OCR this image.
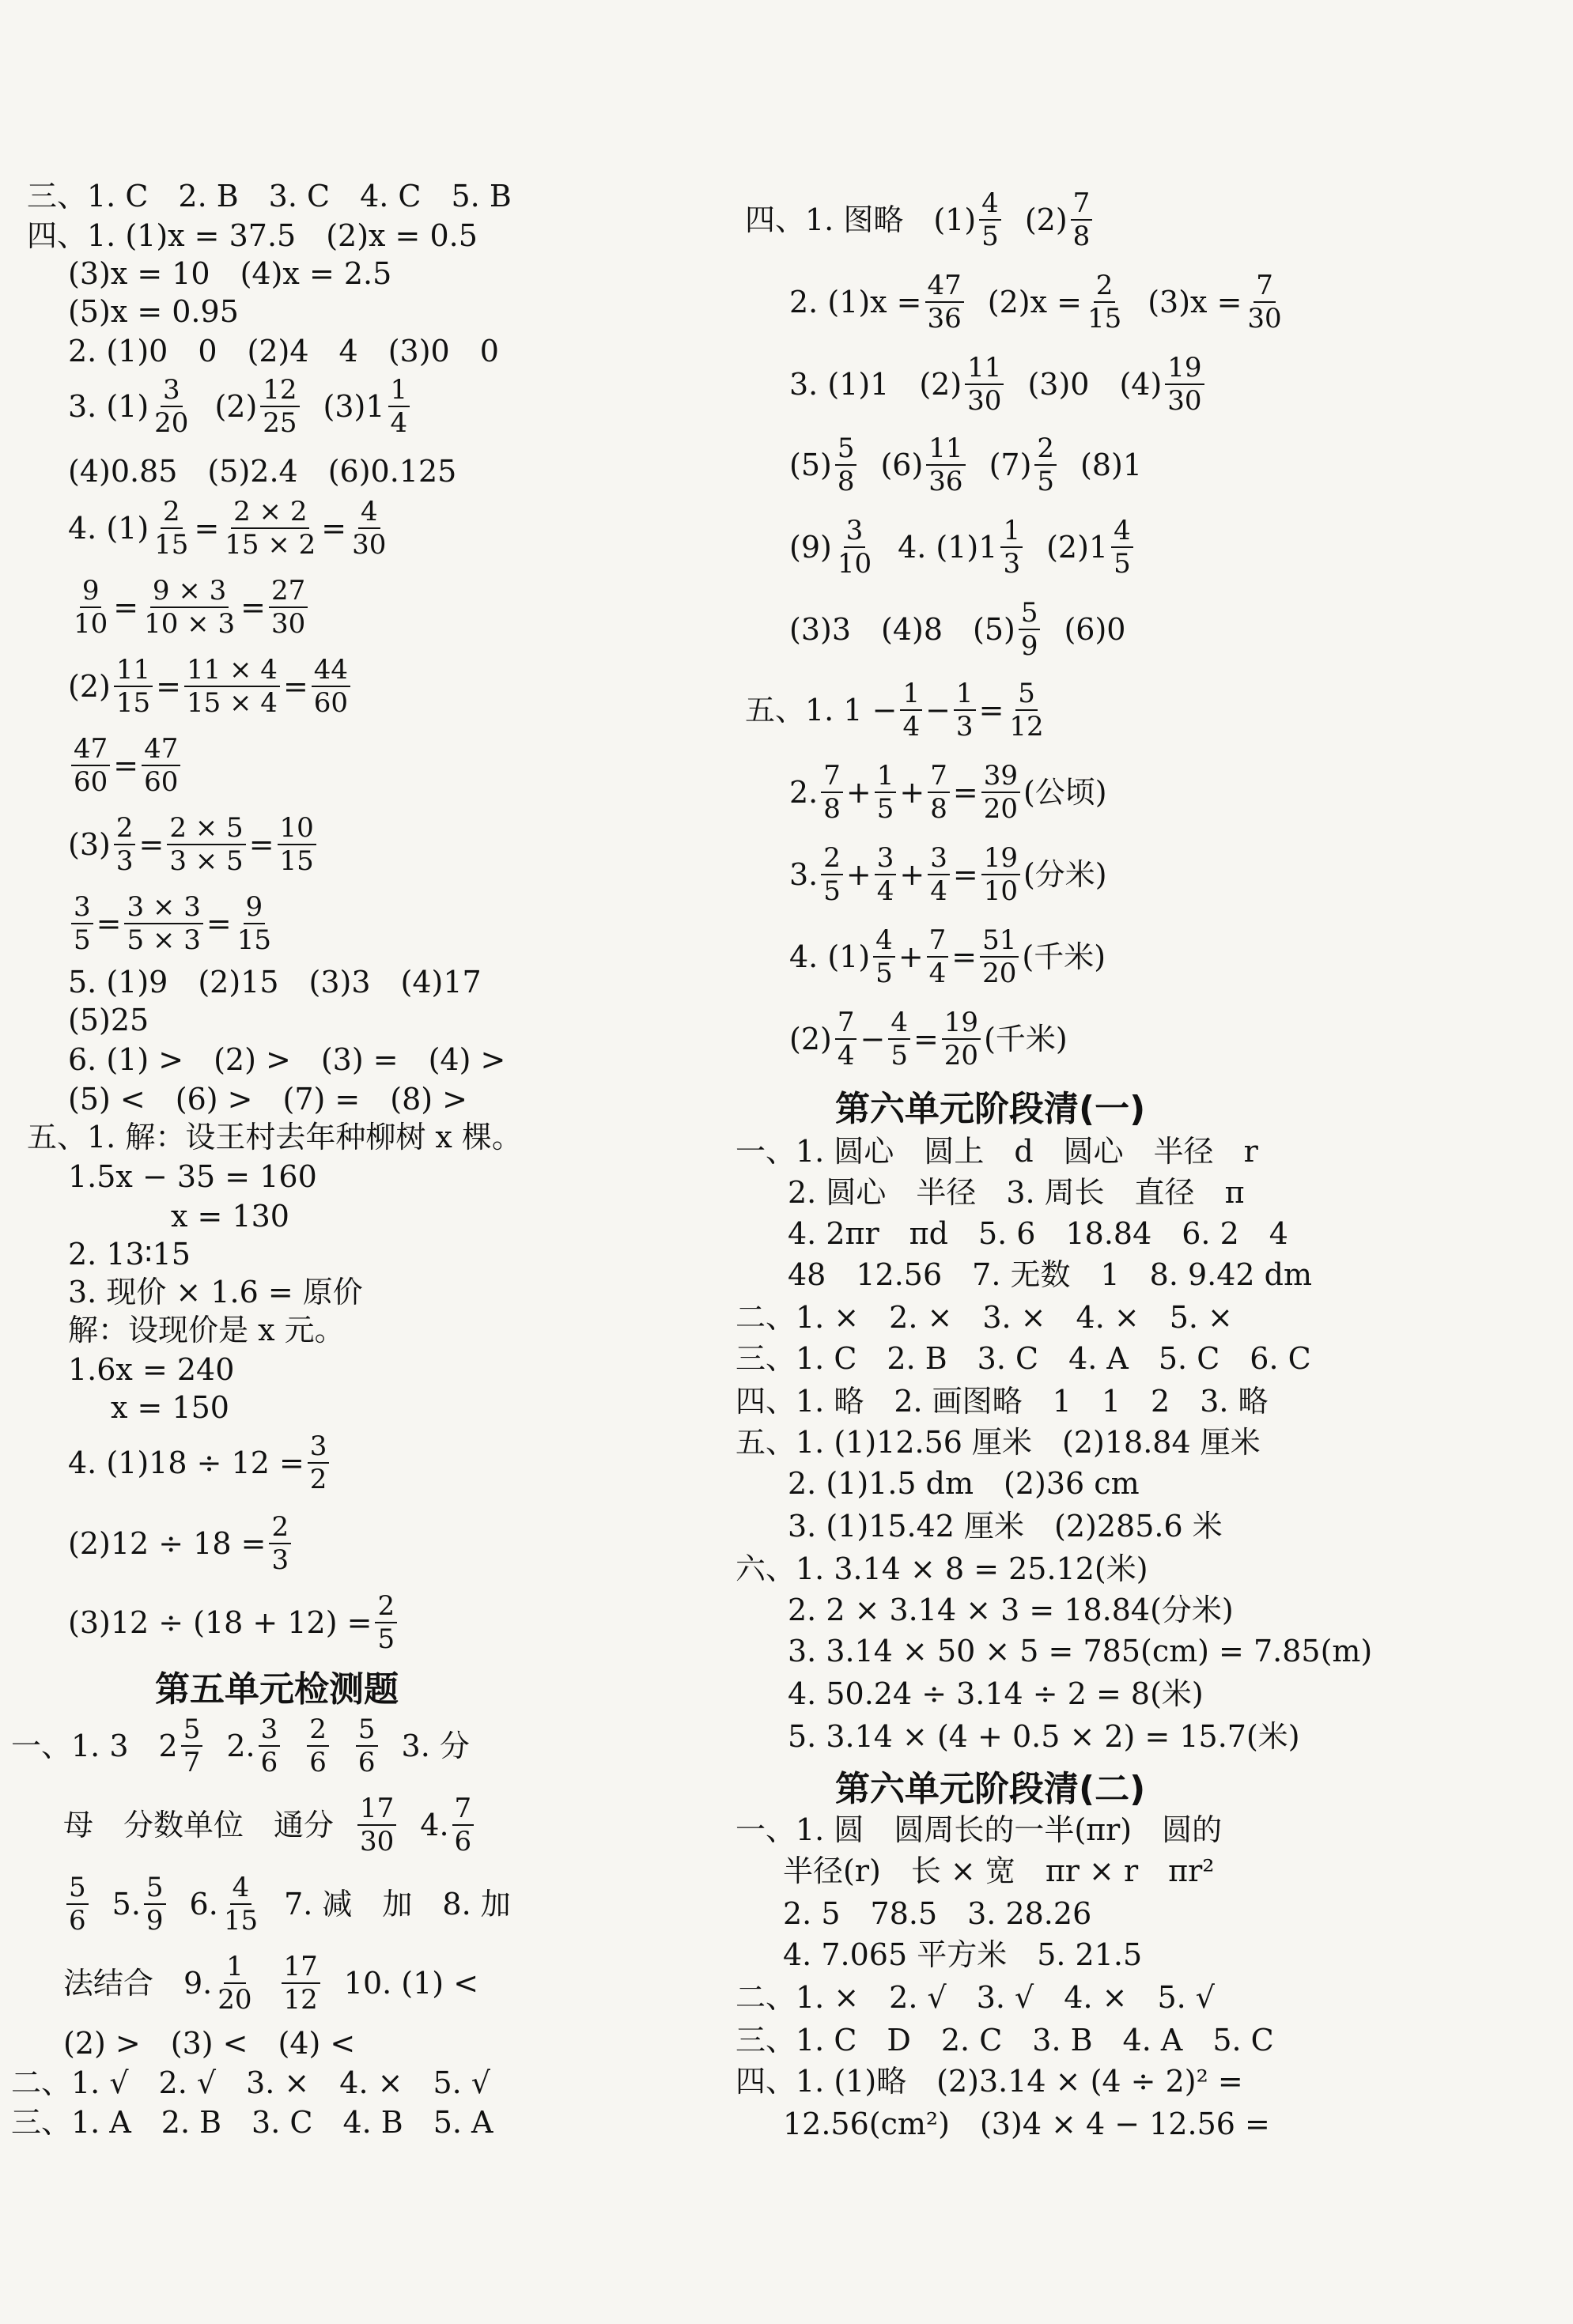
三、1. C　2. B　3. C　4. C　5. B
四、1. (1)x = 37.5　(2)x = 0.5
(3)x = 10　(4)x = 2.5
(5)x = 0.95
2. (1)0　0　(2)4　4　(3)0　0
3. $(1) \frac{3}{20} (2) \frac{12}{25} (3)1 \frac{1}{4}$
(4)0.85　(5)2.4　(6)0.125
4. $(1) \frac{2}{15} = \frac{2 \times 2}{15 \times 2} = \frac{4}{30}$
$\frac{9}{10} = \frac{9 \times 3}{10 \times 3} = \frac{27}{30}$
$(2) \frac{11}{15} = \frac{11 \times 4}{15 \times 4} = \frac{44}{60}$
$\frac{47}{60} = \frac{47}{60}$
$(3) \frac{2}{3} = \frac{2 \times 5}{3 \times 5} = \frac{10}{15}$
$\frac{3}{5} = \frac{3 \times 3}{5 \times 3} = \frac{9}{15}$
5. (1)9　(2)15　(3)3　(4)17
(5)25
6. (1) >　(2) >　(3) =　(4) >
(5) <　(6) >　(7) =　(8) >
五、1. 解：设王村去年种柳树 x 棵。
1.5x − 35 = 160
x = 130
2. 13∶15
3. 现价 × 1.6 = 原价
解：设现价是 x 元。
1.6x = 240
x = 150
4. $(1)18 \div 12 = \frac{3}{2}$
$(2)12 \div 18 = \frac{2}{3}$
$(3)12 \div (18 + 12) = \frac{2}{5}$
第五单元检测题
一、1. 3　$2 \frac{5}{7} 2$. $\frac{3}{6} \frac{2}{6} \frac{5}{6} 3$. 分
母　分数单位　通分 $\frac{17}{30} 4$. $\frac{7}{6}$
$\frac{5}{6} 5$. $\frac{5}{9} 6$. $\frac{4}{15} 7$. 减　加　8. 加
法结合　9. $\frac{1}{20} \frac{17}{12} 10$. (1) <
(2) >　(3) <　(4) <
二、1. √　2. √　3. ×　4. ×　5. √
三、1. A　2. B　3. C　4. B　5. A
四、1. 图略　$(1) \frac{4}{5} (2) \frac{7}{8}$
2. $(1)x = \frac{47}{36} (2)x = \frac{2}{15} (3)x = \frac{7}{30}$
3. (1)1　$(2) \frac{11}{30} (3)0$　$(4) \frac{19}{30}$
$(5) \frac{5}{8} (6) \frac{11}{36} (7) \frac{2}{5} (8)1$
$(9) \frac{3}{10} 4$. $(1)1 \frac{1}{3} (2)1 \frac{4}{5}$
(3)3　(4)8　$(5) \frac{5}{9} (6)0$
五、1. $1 - \frac{1}{4} - \frac{1}{3} = \frac{5}{12}$
2. $\frac{7}{8} + \frac{1}{5} + \frac{7}{8} = \frac{39}{20}$ (公顷)
3. $\frac{2}{5} + \frac{3}{4} + \frac{3}{4} = \frac{19}{10}$ (分米)
4. $(1) \frac{4}{5} + \frac{7}{4} = \frac{51}{20}$ (千米)
$(2) \frac{7}{4} - \frac{4}{5} = \frac{19}{20}$ (千米)
第六单元阶段清(一)
一、1. 圆心　圆上　d　圆心　半径　r
2. 圆心　半径　3. 周长　直径　π
4. 2πr　πd　5. 6　18.84　6. 2　4
48　12.56　7. 无数　1　8. 9.42 dm
二、1. ×　2. ×　3. ×　4. ×　5. ×
三、1. C　2. B　3. C　4. A　5. C　6. C
四、1. 略　2. 画图略　1　1　2　3. 略
五、1. (1)12.56 厘米　(2)18.84 厘米
2. (1)1.5 dm　(2)36 cm
3. (1)15.42 厘米　(2)285.6 米
六、1. 3.14 × 8 = 25.12(米)
2. 2 × 3.14 × 3 = 18.84(分米)
3. 3.14 × 50 × 5 = 785(cm) = 7.85(m)
4. 50.24 ÷ 3.14 ÷ 2 = 8(米)
5. 3.14 × (4 + 0.5 × 2) = 15.7(米)
第六单元阶段清(二)
一、1. 圆　圆周长的一半(πr)　圆的
半径(r)　长 × 宽　πr × r　πr²
2. 5　78.5　3. 28.26
4. 7.065 平方米　5. 21.5
二、1. ×　2. √　3. √　4. ×　5. √
三、1. C　D　2. C　3. B　4. A　5. C
四、1. (1)略　(2)3.14 × (4 ÷ 2)² =
12.56(cm²)　(3)4 × 4 − 12.56 =
